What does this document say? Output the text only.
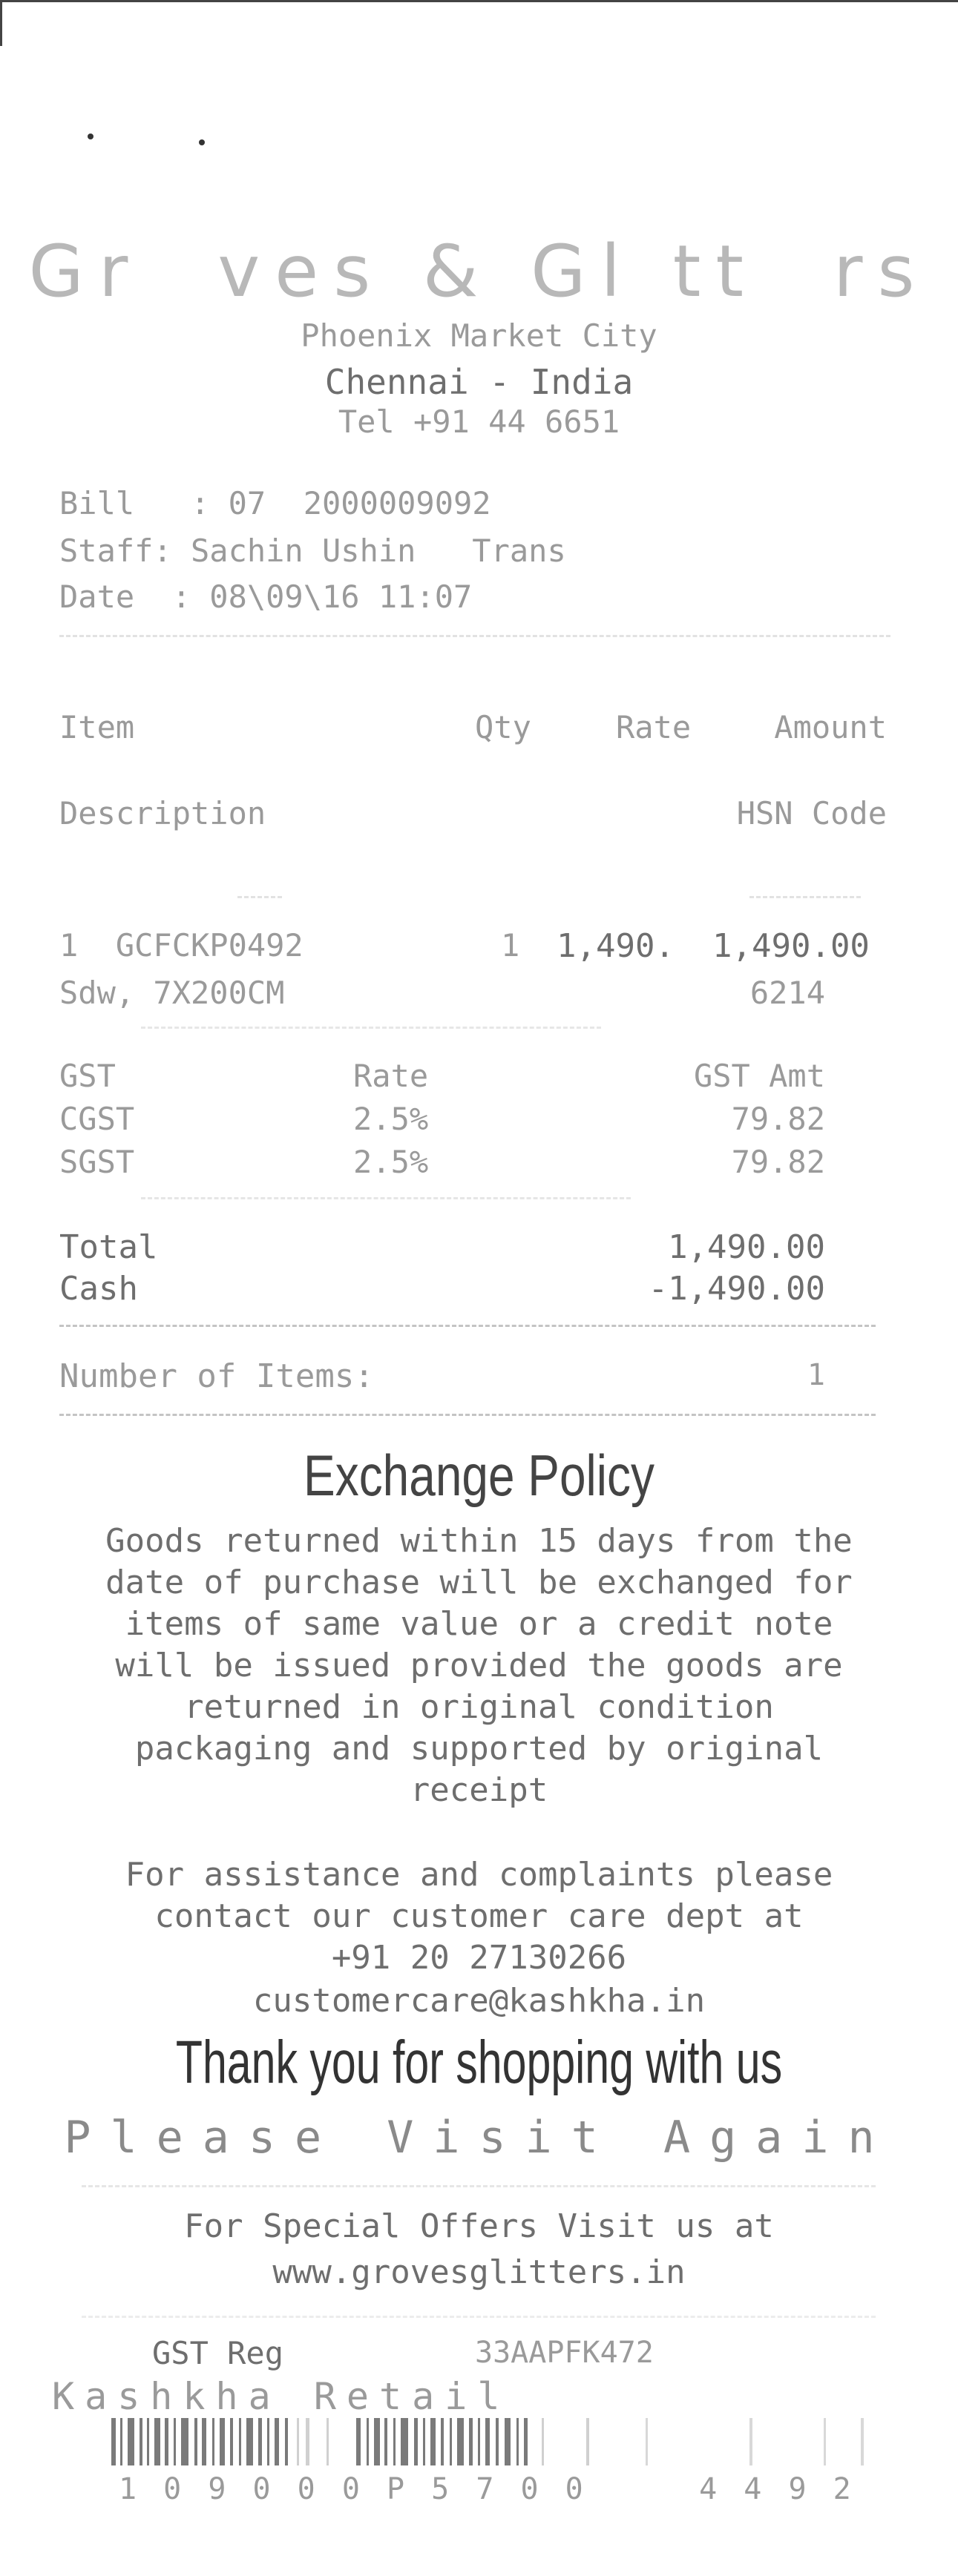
Gr  ves & Gl tt  rs
Phoenix Market City
Chennai - India
Tel +91 44 6651
Bill   : 07  2000009092
Staff: Sachin Ushin   Trans
Date  : 08\09\16 11:07
Item	Qty	Rate	Amount
Description	HSN Code
1  GCFCKP0492	1 1,490. 1,490.00
Sdw, 7X200CM	6214
GST	Rate	GST Amt
CGST	2.5%	79.82
SGST	2.5%	79.82
Total	1,490.00
Cash	-1,490.00
Number of Items:	1
Exchange Policy
Goods returned within 15 days from the
date of purchase will be exchanged for
items of same value or a credit note
will be issued provided the goods are
returned in original condition
packaging and supported by original
receipt
For assistance and complaints please
contact our customer care dept at
+91 20 27130266
customercare@kashkha.in
Thank you for shopping with us
Please Visit Again
For Special Offers Visit us at
www.grovesglitters.in
GST Reg	33AAPFK472
Kashkha Retail
1 0 9 0 0 0 P 5 7 0 0     4 4 9 2
